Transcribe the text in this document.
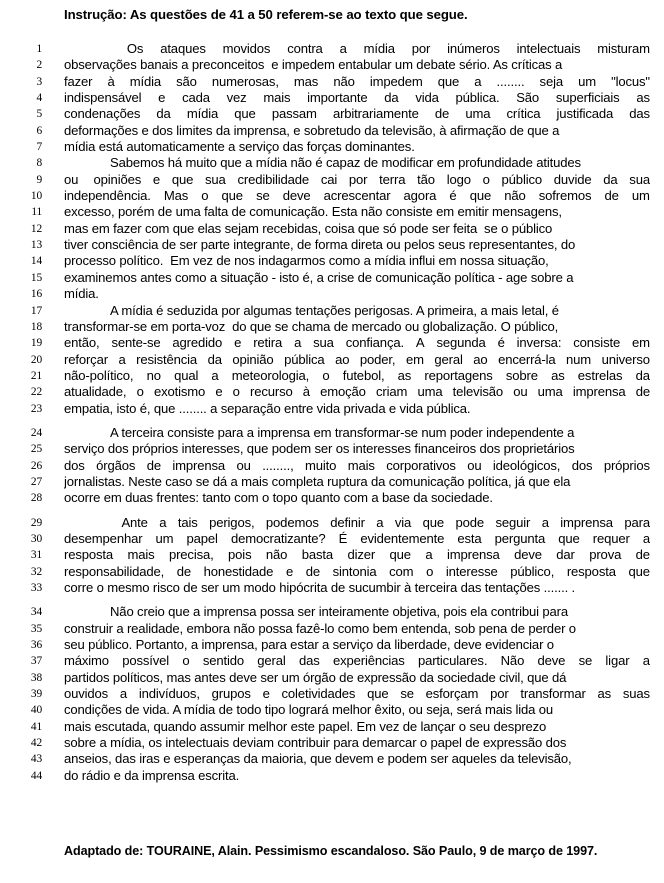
Instrução: As questões de 41 a 50 referem-se ao texto que segue.
1	Os ataques movidos contra a mídia por inúmeros intelectuais misturam
2 observações banais a preconceitos  e impedem entabular um debate sério. As críticas a
3 fazer à mídia são numerosas, mas não impedem que a ........ seja um "locus"
4 indispensável e cada vez mais importante da vida pública. São superficiais as
5 condenações da mídia que passam arbitrariamente de uma crítica justificada das
6 deformações e dos limites da imprensa, e sobretudo da televisão, à afirmação de que a
7 mídia está automaticamente a serviço das forças dominantes.
8	Sabemos há muito que a mídia não é capaz de modificar em profundidade atitudes
9 ou opiniões e que sua credibilidade cai por terra tão logo o público duvide da sua
10 independência. Mas o que se deve acrescentar agora é que não sofremos de um
11 excesso, porém de uma falta de comunicação. Esta não consiste em emitir mensagens,
12 mas em fazer com que elas sejam recebidas, coisa que só pode ser feita  se o público
13 tiver consciência de ser parte integrante, de forma direta ou pelos seus representantes, do
14 processo político.  Em vez de nos indagarmos como a mídia influi em nossa situação,
15 examinemos antes como a situação - isto é, a crise de comunicação política - age sobre a
16 mídia.
17	A mídia é seduzida por algumas tentações perigosas. A primeira, a mais letal, é
18 transformar-se em porta-voz  do que se chama de mercado ou globalização. O público,
19 então, sente-se agredido e retira a sua confiança. A segunda é inversa: consiste em
20 reforçar a resistência da opinião pública ao poder, em geral ao encerrá-la num universo
21 não-político, no qual a meteorologia, o futebol, as reportagens sobre as estrelas da
22 atualidade, o exotismo e o recurso à emoção criam uma televisão ou uma imprensa de
23 empatia, isto é, que ........ a separação entre vida privada e vida pública.
24	A terceira consiste para a imprensa em transformar-se num poder independente a
25 serviço dos próprios interesses, que podem ser os interesses financeiros dos proprietários
26 dos órgãos de imprensa ou ........, muito mais corporativos ou ideológicos, dos próprios
27 jornalistas. Neste caso se dá a mais completa ruptura da comunicação política, já que ela
28 ocorre em duas frentes: tanto com o topo quanto com a base da sociedade.
29	Ante a tais perigos, podemos definir a via que pode seguir a imprensa para
30 desempenhar um papel democratizante? É evidentemente esta pergunta que requer a
31 resposta mais precisa, pois não basta dizer que a imprensa deve dar prova de
32 responsabilidade, de honestidade e de sintonia com o interesse público, resposta que
33 corre o mesmo risco de ser um modo hipócrita de sucumbir à terceira das tentações ....... .
34	Não creio que a imprensa possa ser inteiramente objetiva, pois ela contribui para
35 construir a realidade, embora não possa fazê-lo como bem entenda, sob pena de perder o
36 seu público. Portanto, a imprensa, para estar a serviço da liberdade, deve evidenciar o
37 máximo possível o sentido geral das experiências particulares. Não deve se ligar a
38 partidos políticos, mas antes deve ser um órgão de expressão da sociedade civil, que dá
39 ouvidos a indivíduos, grupos e coletividades que se esforçam por transformar as suas
40 condições de vida. A mídia de todo tipo logrará melhor êxito, ou seja, será mais lida ou
41 mais escutada, quando assumir melhor este papel. Em vez de lançar o seu desprezo
42 sobre a mídia, os intelectuais deviam contribuir para demarcar o papel de expressão dos
43 anseios, das iras e esperanças da maioria, que devem e podem ser aqueles da televisão,
44 do rádio e da imprensa escrita.
Adaptado de: TOURAINE, Alain. Pessimismo escandaloso. São Paulo, 9 de março de 1997.
